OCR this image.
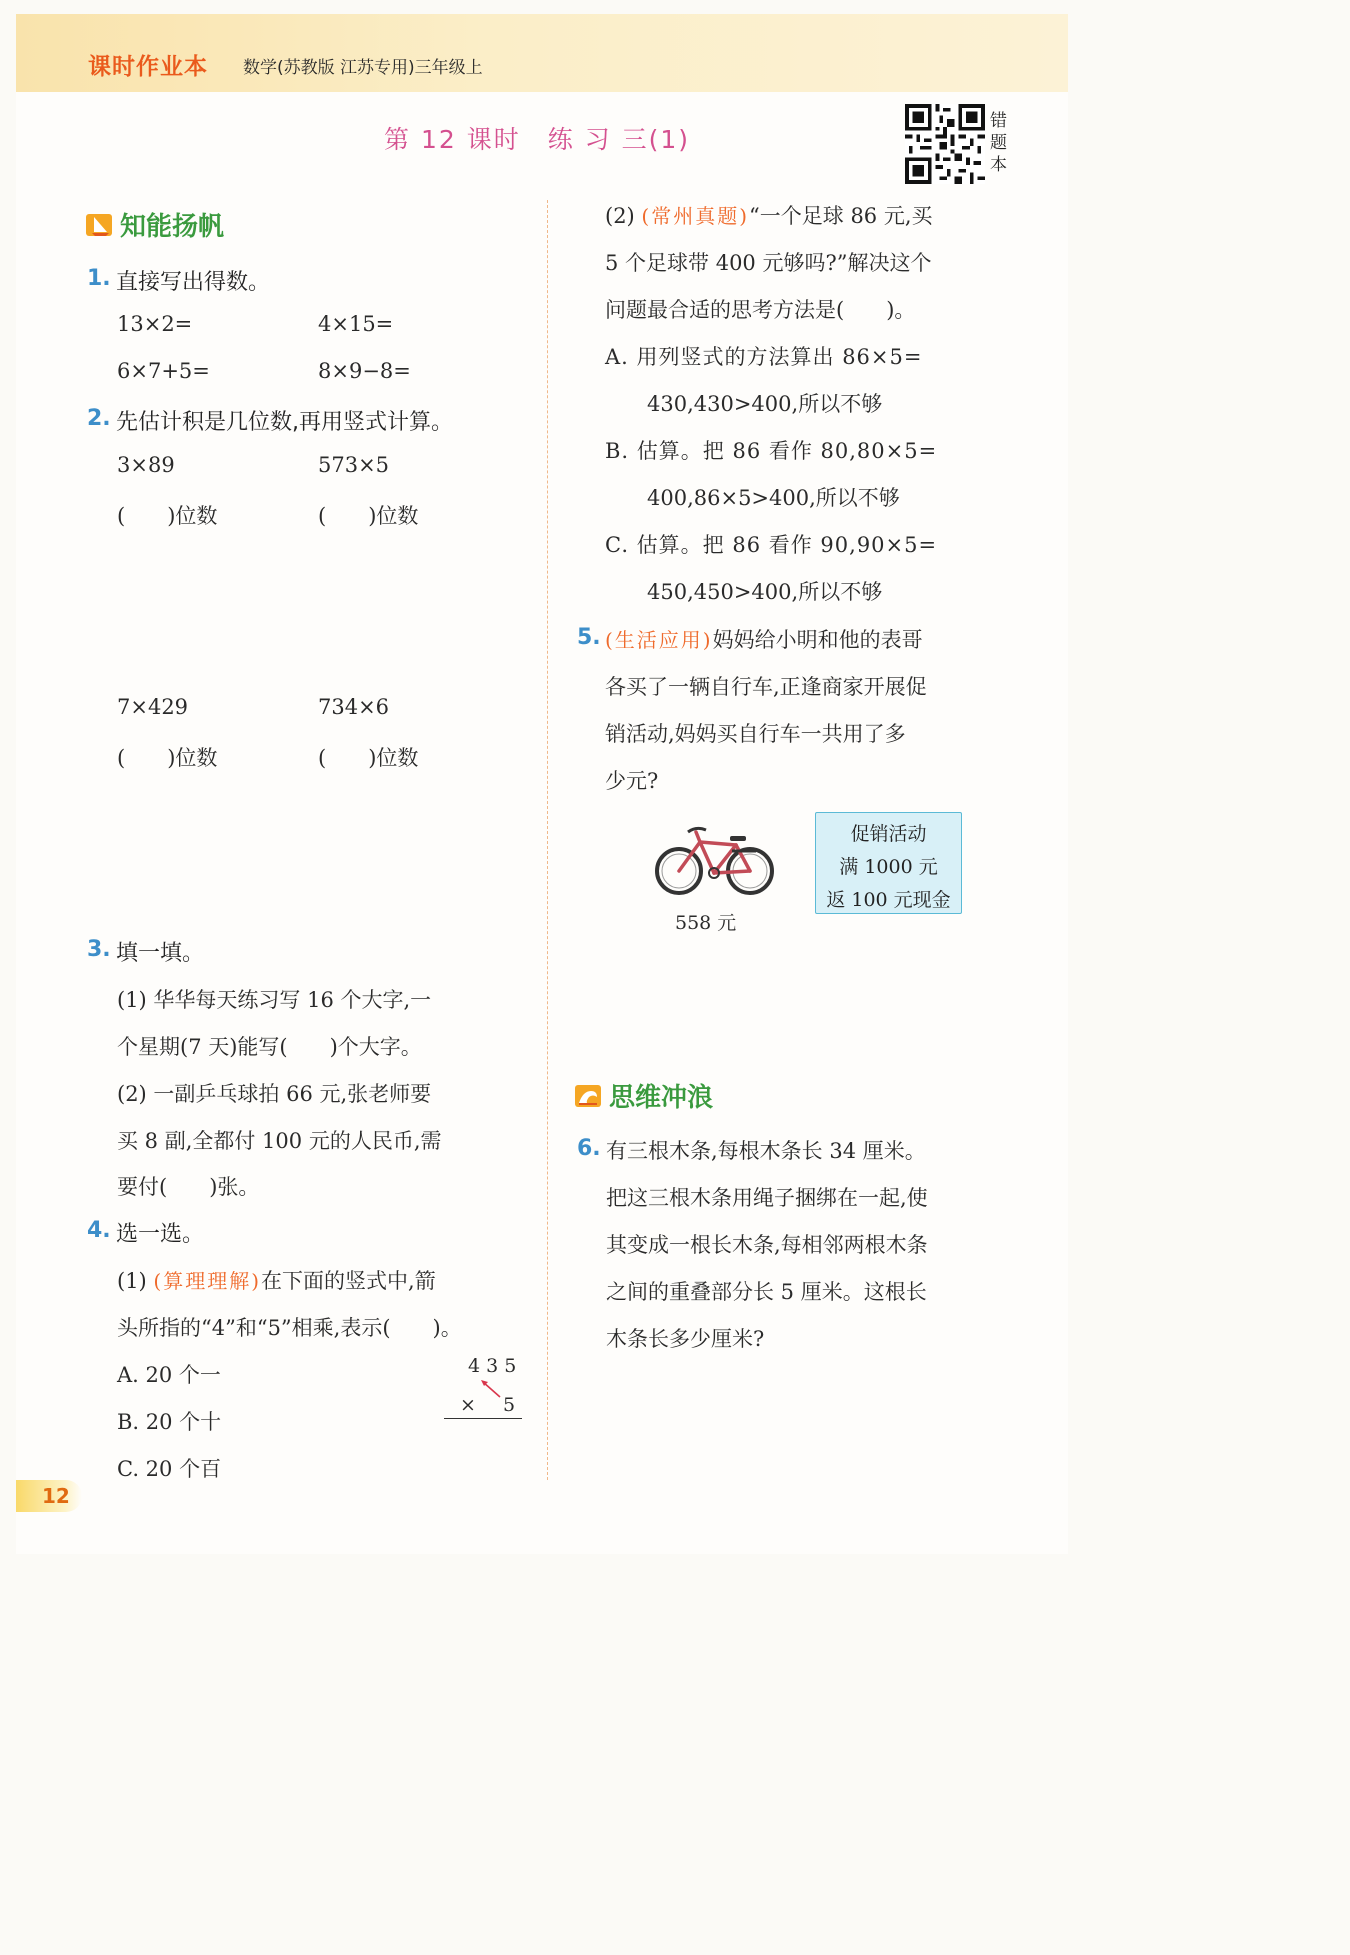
课时作业本 数学(苏教版 江苏专用)三年级上
第 12 课时　练 习 三(1)
错题本
知能扬帆
1. 直接写出得数。
13×2=	4×15=
6×7+5=	8×9−8=
2. 先估计积是几位数,再用竖式计算。
3×89	573×5
(　　)位数	(　　)位数
7×429	734×6
(　　)位数	(　　)位数
3. 填一填。
(1) 华华每天练习写 16 个大字,一
个星期(7 天)能写(　　)个大字。
(2) 一副乒乓球拍 66 元,张老师要
买 8 副,全都付 100 元的人民币,需
要付(　　)张。
4. 选一选。
(1) (算理理解)在下面的竖式中,箭
头所指的“4”和“5”相乘,表示(　　)。
A. 20 个一
B. 20 个十
C. 20 个百
4 3 5
× 5
(2) (常州真题)“一个足球 86 元,买
5 个足球带 400 元够吗?”解决这个
问题最合适的思考方法是(　　)。
A. 用列竖式的方法算出 86×5=
430,430>400,所以不够
B. 估算。把 86 看作 80,80×5=
400,86×5>400,所以不够
C. 估算。把 86 看作 90,90×5=
450,450>400,所以不够
5. (生活应用)妈妈给小明和他的表哥
各买了一辆自行车,正逢商家开展促
销活动,妈妈买自行车一共用了多
少元?
558 元
促销活动
满 1000 元
返 100 元现金
思维冲浪
6. 有三根木条,每根木条长 34 厘米。
把这三根木条用绳子捆绑在一起,使
其变成一根长木条,每相邻两根木条
之间的重叠部分长 5 厘米。这根长
木条长多少厘米?
12
